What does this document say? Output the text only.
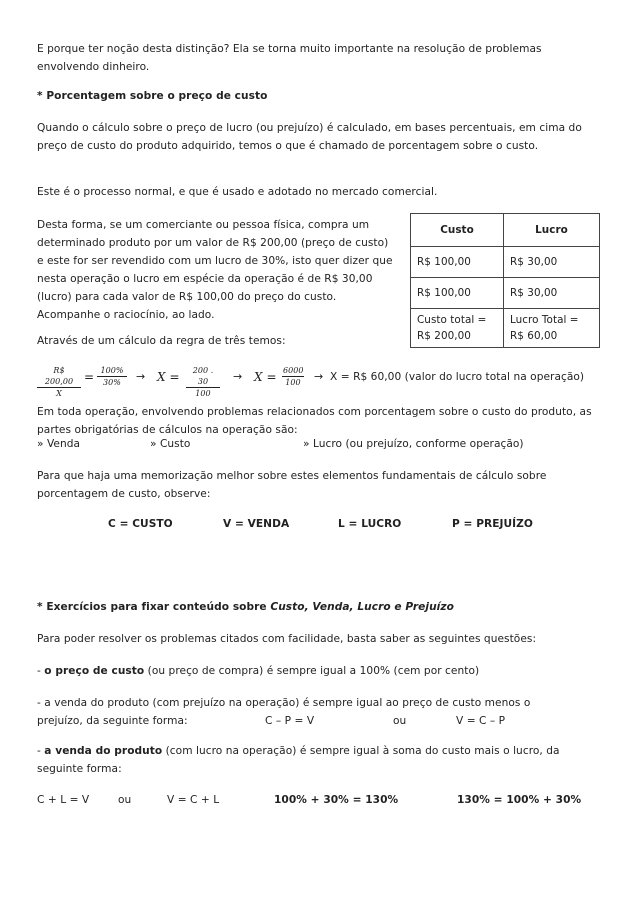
E porque ter noção desta distinção? Ela se torna muito importante na resolução de problemas envolvendo dinheiro.

* Porcentagem sobre o preço de custo

Quando o cálculo sobre o preço de lucro (ou prejuízo) é calculado, em bases percentuais, em cima do preço de custo do produto adquirido, temos o que é chamado de porcentagem sobre o custo.

Este é o processo normal, e que é usado e adotado no mercado comercial.

Desta forma, se um comerciante ou pessoa física, compra um determinado produto por um valor de R$ 200,00 (preço de custo) e este for ser revendido com um lucro de 30%, isto quer dizer que nesta operação o lucro em espécie da operação é de R$ 30,00 (lucro) para cada valor de R$ 100,00 do preço do custo. Acompanhe o raciocínio, ao lado.

Custo	Lucro
R$ 100,00	R$ 30,00
R$ 100,00	R$ 30,00
Custo total = R$ 200,00	Lucro Total = R$ 60,00

Através de um cálculo da regra de três temos:

$\frac{R\$ 200,00}{X} = \frac{100\%}{30\%} \to X = \frac{200 . 30}{100} \to X = \frac{6000}{100} \to X$ = R$ 60,00 (valor do lucro total na operação)

Em toda operação, envolvendo problemas relacionados com porcentagem sobre o custo do produto, as partes obrigatórias de cálculos na operação são:

» Venda	» Custo	» Lucro (ou prejuízo, conforme operação)

Para que haja uma memorização melhor sobre estes elementos fundamentais de cálculo sobre porcentagem de custo, observe:

C = CUSTO	V = VENDA	L = LUCRO	P = PREJUÍZO

* Exercícios para fixar conteúdo sobre Custo, Venda, Lucro e Prejuízo

Para poder resolver os problemas citados com facilidade, basta saber as seguintes questões:

- o preço de custo (ou preço de compra) é sempre igual a 100% (cem por cento)

- a venda do produto (com prejuízo na operação) é sempre igual ao preço de custo menos o

prejuízo, da seguinte forma:	C – P = V	ou	V = C – P

- a venda do produto (com lucro na operação) é sempre igual à soma do custo mais o lucro, da

seguinte forma:
C + L = V	ou	V = C + L	100% + 30% = 130%	130% = 100% + 30%
